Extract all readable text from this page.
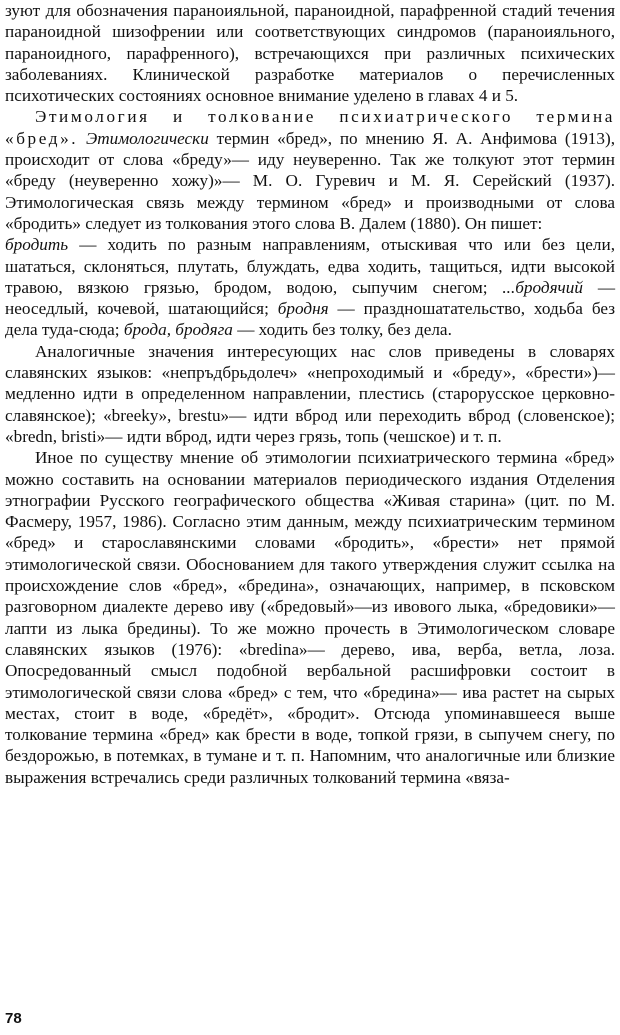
зуют для обозначения параноияльной, параноидной, парафренной стадий течения параноидной шизофрении или соответствующих синдромов (параноияльного, параноидного, парафренного), встречающихся при различных психических заболеваниях. Клинической разработке материалов о перечисленных психотических состояниях основное внимание уделено в главах 4 и 5.

Этимология и толкование психиатрического термина «бред». Этимологически термин «бред», по мнению Я. А. Анфимова (1913), происходит от слова «бреду»— иду неуверенно. Так же толкуют этот термин «бреду (неуверенно хожу)»— М. О. Гуревич и М. Я. Серейский (1937). Этимологическая связь между термином «бред» и производными от слова «бродить» следует из толкования этого слова В. Далем (1880). Он пишет:

бродить — ходить по разным направлениям, отыскивая что или без цели, шататься, склоняться, плутать, блуждать, едва ходить, тащиться, идти высокой травою, вязкою грязью, бродом, водою, сыпучим снегом; ...бродячий — неоседлый, кочевой, шатающийся; бродня — праздношатательство, ходьба без дела туда-сюда; брода, бродяга — ходить без толку, без дела.

Аналогичные значения интересующих нас слов приведены в словарях славянских языков: «непръдбрьдолеч» «непроходимый и «бреду», «брести»)— медленно идти в определенном направлении, плестись (старорусское церковно-славянское); «breeky», brestu»— идти вброд или переходить вброд (словенское); «bredn, bristi»— идти вброд, идти через грязь, топь (чешское) и т. п.

Иное по существу мнение об этимологии психиатрического термина «бред» можно составить на основании материалов периодического издания Отделения этнографии Русского географического общества «Живая старина» (цит. по М. Фасмеру, 1957, 1986). Согласно этим данным, между психиатрическим термином «бред» и старославянскими словами «бродить», «брести» нет прямой этимологической связи. Обоснованием для такого утверждения служит ссылка на происхождение слов «бред», «бредина», означающих, например, в псковском разговорном диалекте дерево иву («бредовый»—из ивового лыка, «бредовики»— лапти из лыка бредины). То же можно прочесть в Этимологическом словаре славянских языков (1976): «bredina»— дерево, ива, верба, ветла, лоза. Опосредованный смысл подобной вербальной расшифровки состоит в этимологической связи слова «бред» с тем, что «бредина»— ива растет на сырых местах, стоит в воде, «бредёт», «бродит». Отсюда упоминавшееся выше толкование термина «бред» как брести в воде, топкой грязи, в сыпучем снегу, по бездорожью, в потемках, в тумане и т. п. Напомним, что аналогичные или близкие выражения встречались среди различных толкований термина «вяза-

78
